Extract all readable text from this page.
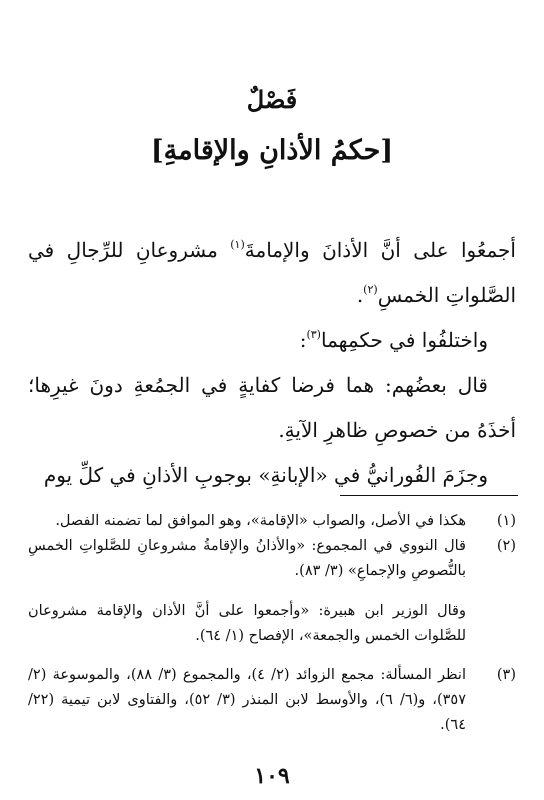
فَصْلٌ
[حكمُ الأذانِ والإقامةِ]

أجمعُوا على أنَّ الأذانَ والإمامةَ$^{(١)}$ مشروعانِ للرِّجالِ في الصَّلواتِ الخمسِ$^{(٢)}$.

واختلفُوا في حكمِهما$^{(٣)}$:

قال بعضُهم: هما فرضا كفايةٍ في الجمُعةِ دونَ غيرِها؛ أخذَهُ من خصوصِ ظاهرِ الآيةِ.

وجزَمَ الفُورانيُّ في «الإبانةِ» بوجوبِ الأذانِ في كلِّ يوم

(١)

هكذا في الأصل، والصواب «الإقامة»، وهو الموافق لما تضمنه الفصل.

(٢)

قال النووي في المجموع: «والأذانُ والإقامةُ مشروعانِ للصَّلواتِ الخمسِ بالنُّصوصِ والإجماعِ» (٣/ ٨٣).

وقال الوزير ابن هبيرة: «وأجمعوا على أنَّ الأذان والإقامة مشروعان للصَّلوات الخمس والجمعة»، الإفصاح (١/ ٦٤).

(٣)

انظر المسألة: مجمع الزوائد (٢/ ٤)، والمجموع (٣/ ٨٨)، والموسوعة (٢/ ٣٥٧)، و(٦/ ٦)، والأوسط لابن المنذر (٣/ ٥٢)، والفتاوى لابن تيمية (٢٢/ ٦٤).

١٠٩
